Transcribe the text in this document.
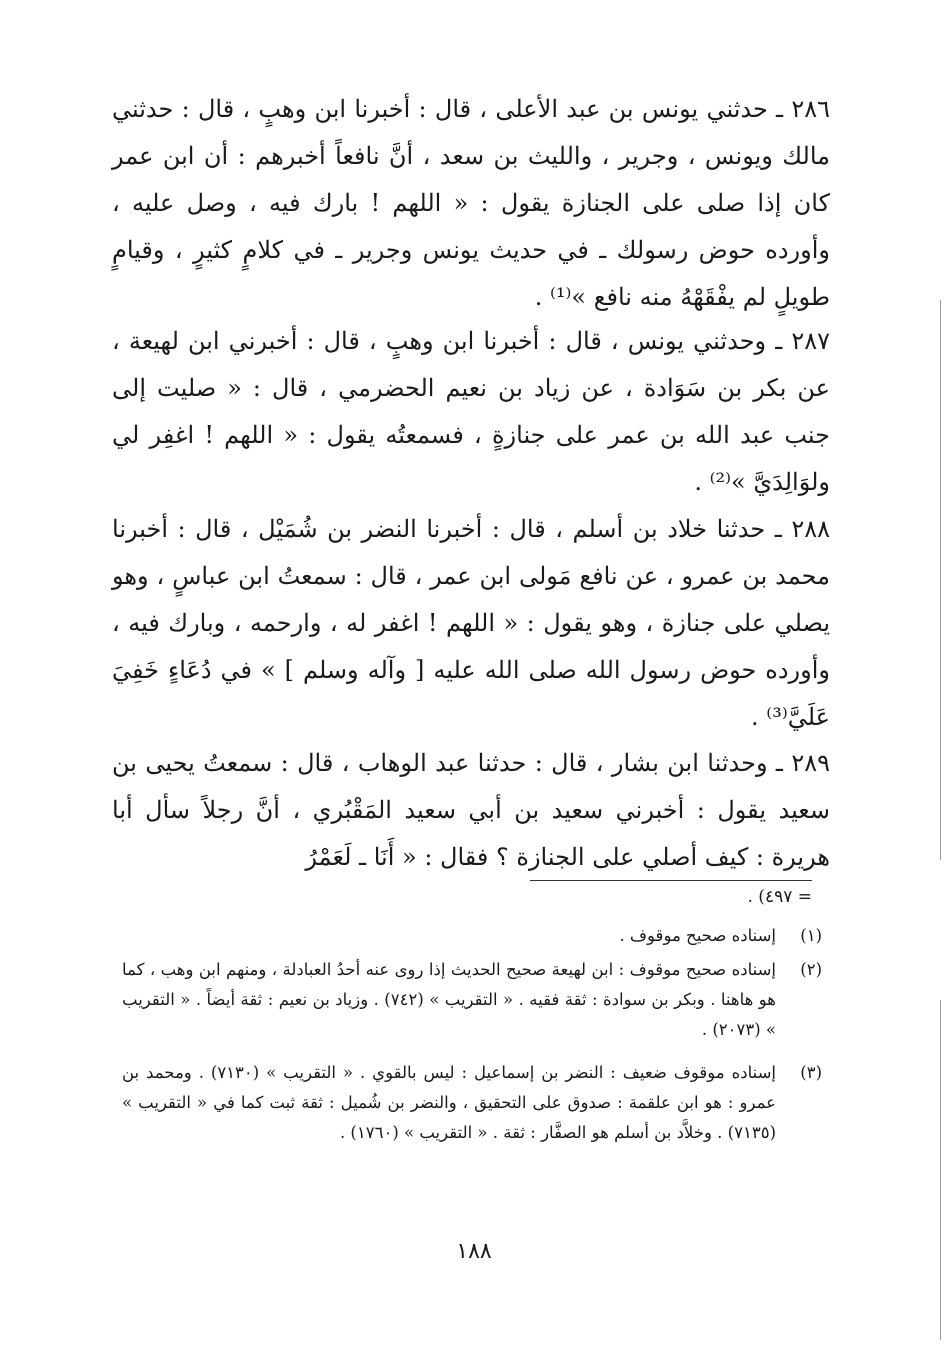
٢٨٦ ـ حدثني يونس بن عبد الأعلى ، قال : أخبرنا ابن وهبٍ ، قال : حدثني مالك ويونس ، وجرير ، والليث بن سعد ، أنَّ نافعاً أخبرهم : أن ابن عمر كان إذا صلى على الجنازة يقول : « اللهم ! بارك فيه ، وصل عليه ، وأورده حوض رسولك ـ في حديث يونس وجرير ـ في كلامٍ كثيرٍ ، وقيامٍ طويلٍ لم يفْقَهْهُ منه نافع »⁽¹⁾ .

٢٨٧ ـ وحدثني يونس ، قال : أخبرنا ابن وهبٍ ، قال : أخبرني ابن لهيعة ، عن بكر بن سَوَادة ، عن زياد بن نعيم الحضرمي ، قال : « صليت إلى جنب عبد الله بن عمر على جنازةٍ ، فسمعتُه يقول : « اللهم ! اغفِر لي ولوَالِدَيَّ »⁽²⁾ .

٢٨٨ ـ حدثنا خلاد بن أسلم ، قال : أخبرنا النضر بن شُمَيْل ، قال : أخبرنا محمد بن عمرو ، عن نافع مَولى ابن عمر ، قال : سمعتُ ابن عباسٍ ، وهو يصلي على جنازة ، وهو يقول : « اللهم ! اغفر له ، وارحمه ، وبارك فيه ، وأورده حوض رسول الله صلى الله عليه [ وآله وسلم ] » في دُعَاءٍ خَفِيَ عَلَيَّ⁽³⁾ .

٢٨٩ ـ وحدثنا ابن بشار ، قال : حدثنا عبد الوهاب ، قال : سمعتُ يحيى بن سعيد يقول : أخبرني سعيد بن أبي سعيد المَقْبُري ، أنَّ رجلاً سأل أبا هريرة : كيف أصلي على الجنازة ؟ فقال : « أَنَا ـ لَعَمْرُ

= ٤٩٧) .
(١)
إسناده صحيح موقوف .
(٢)
إسناده صحيح موقوف : ابن لهيعة صحيح الحديث إذا روى عنه أحدُ العبادلة ، ومنهم ابن وهب ، كما هو هاهنا . وبكر بن سوادة : ثقة فقيه . « التقريب » (٧٤٢) . وزياد بن نعيم : ثقة أيضاً . « التقريب » (٢٠٧٣) .
(٣)
إسناده موقوف ضعيف : النضر بن إسماعيل : ليس بالقوي . « التقريب » (٧١٣٠) . ومحمد بن عمرو : هو ابن علقمة : صدوق على التحقيق ، والنضر بن شُميل : ثقة ثبت كما في « التقريب » (٧١٣٥) . وخلاَّد بن أسلم هو الصفَّار : ثقة . « التقريب » (١٧٦٠) .
١٨٨
